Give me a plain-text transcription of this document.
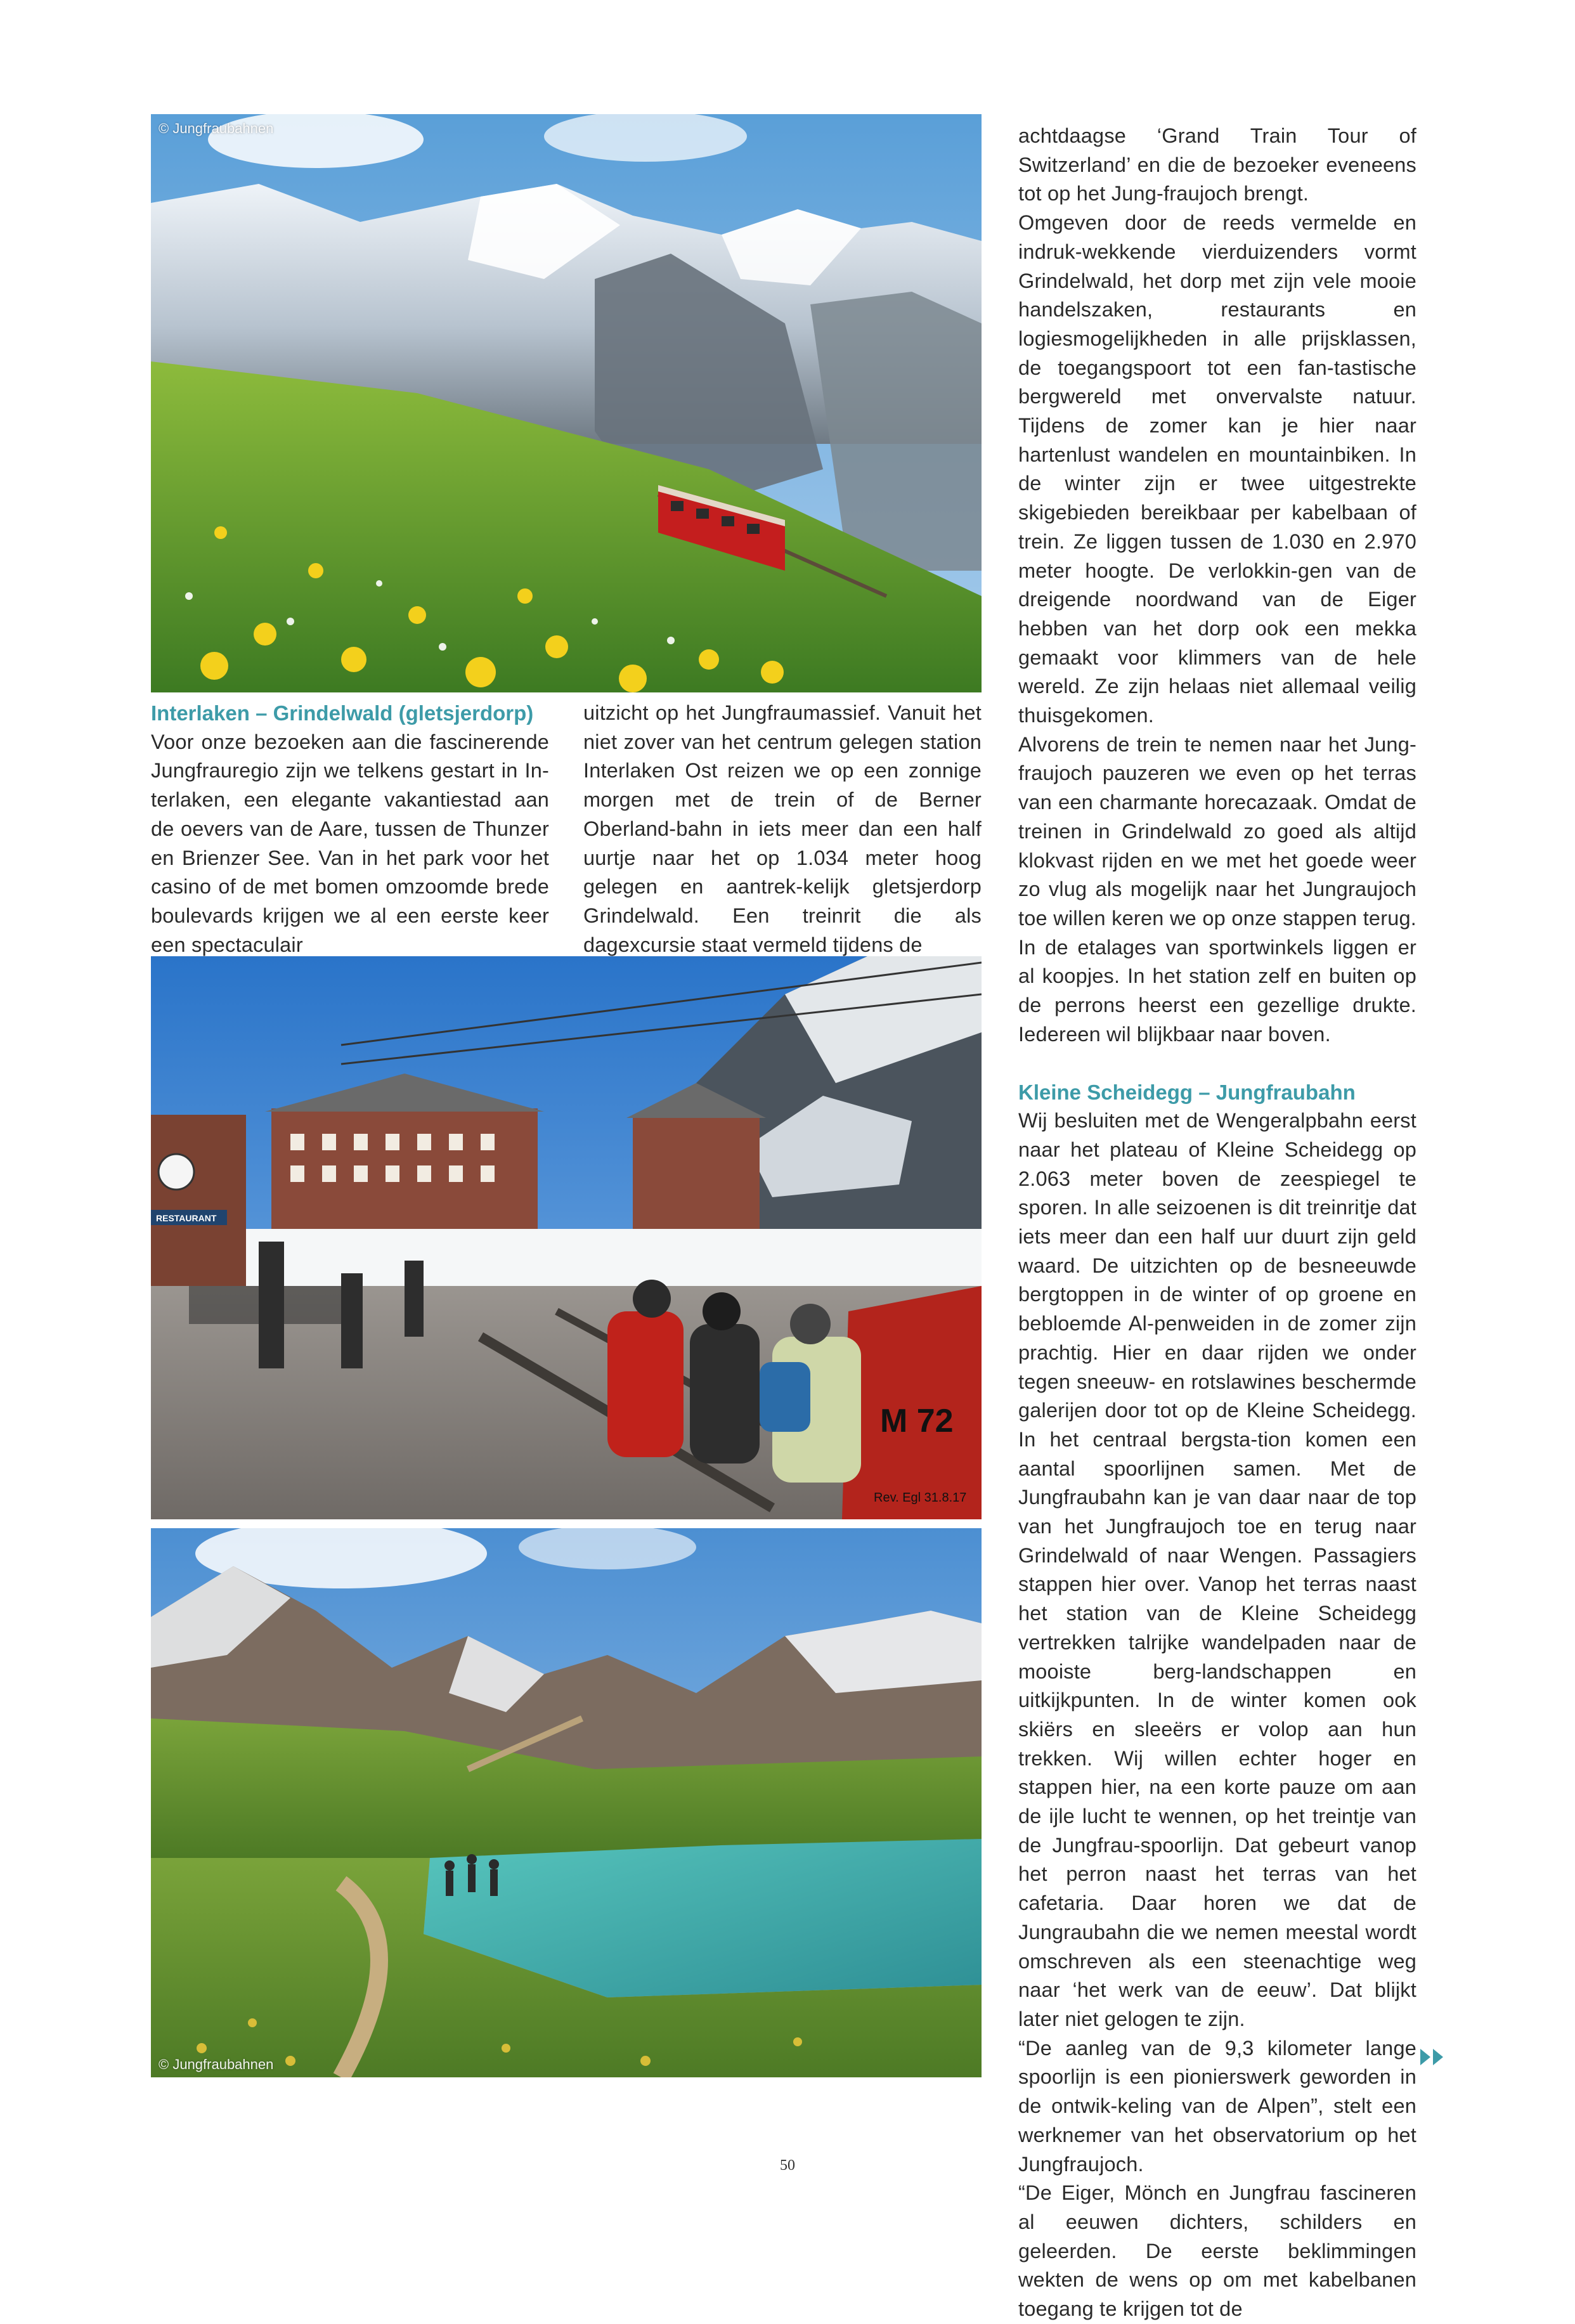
© Jungfraubahnen
RESTAURANT
M 72
Rev. Egl 31.8.17
© Jungfraubahnen
Interlaken – Grindelwald (gletsjerdorp)

Voor onze bezoeken aan die fascinerende Jungfrauregio zijn we telkens gestart in In-terlaken, een elegante vakantiestad aan de oevers van de Aare, tussen de Thunzer en Brienzer See. Van in het park voor het casino of de met bomen omzoomde brede boulevards krijgen we al een eerste keer een spectaculair

uitzicht op het Jungfraumassief. Vanuit het niet zover van het centrum gelegen station Interlaken Ost reizen we op een zonnige morgen met de trein of de Berner Oberland-bahn in iets meer dan een half uurtje naar het op 1.034 meter hoog gelegen en aantrek-kelijk gletsjerdorp Grindelwald. Een treinrit die als dagexcursie staat vermeld tijdens de

achtdaagse ‘Grand Train Tour of Switzerland’ en die de bezoeker eveneens tot op het Jung-fraujoch brengt.

Omgeven door de reeds vermelde en indruk-wekkende vierduizenders vormt Grindelwald, het dorp met zijn vele mooie handelszaken, restaurants en logiesmogelijkheden in alle prijsklassen, de toegangspoort tot een fan-tastische bergwereld met onvervalste natuur. Tijdens de zomer kan je hier naar hartenlust wandelen en mountainbiken. In de winter zijn er twee uitgestrekte skigebieden bereikbaar per kabelbaan of trein. Ze liggen tussen de 1.030 en 2.970 meter hoogte. De verlokkin-gen van de dreigende noordwand van de Eiger hebben van het dorp ook een mekka gemaakt voor klimmers van de hele wereld. Ze zijn helaas niet allemaal veilig thuisgekomen.

Alvorens de trein te nemen naar het Jung-fraujoch pauzeren we even op het terras van een charmante horecazaak. Omdat de treinen in Grindelwald zo goed als altijd klokvast rijden en we met het goede weer zo vlug als mogelijk naar het Jungraujoch toe willen keren we op onze stappen terug. In de etalages van sportwinkels liggen er al koopjes. In het station zelf en buiten op de perrons heerst een gezellige drukte. Iedereen wil blijkbaar naar boven.

Kleine Scheidegg – Jungfraubahn

Wij besluiten met de Wengeralpbahn eerst naar het plateau of Kleine Scheidegg op 2.063 meter boven de zeespiegel te sporen. In alle seizoenen is dit treinritje dat iets meer dan een half uur duurt zijn geld waard. De uitzichten op de besneeuwde bergtoppen in de winter of op groene en bebloemde Al-penweiden in de zomer zijn prachtig. Hier en daar rijden we onder tegen sneeuw- en rotslawines beschermde galerijen door tot op de Kleine Scheidegg. In het centraal bergsta-tion komen een aantal spoorlijnen samen. Met de Jungfraubahn kan je van daar naar de top van het Jungfraujoch toe en terug naar Grindelwald of naar Wengen. Passagiers stappen hier over. Vanop het terras naast het station van de Kleine Scheidegg vertrekken talrijke wandelpaden naar de mooiste berg-landschappen en uitkijkpunten. In de winter komen ook skiërs en sleeërs er volop aan hun trekken. Wij willen echter hoger en stappen hier, na een korte pauze om aan de ijle lucht te wennen, op het treintje van de Jungfrau-spoorlijn. Dat gebeurt vanop het perron naast het terras van het cafetaria. Daar horen we dat de Jungraubahn die we nemen meestal wordt omschreven als een steenachtige weg naar ‘het werk van de eeuw’. Dat blijkt later niet gelogen te zijn.

“De aanleg van de 9,3 kilometer lange spoorlijn is een pionierswerk geworden in de ontwik-keling van de Alpen”, stelt een werknemer van het observatorium op het Jungfraujoch.

“De Eiger, Mönch en Jungfrau fascineren al eeuwen dichters, schilders en geleerden. De eerste beklimmingen wekten de wens op om met kabelbanen toegang te krijgen tot de

50
